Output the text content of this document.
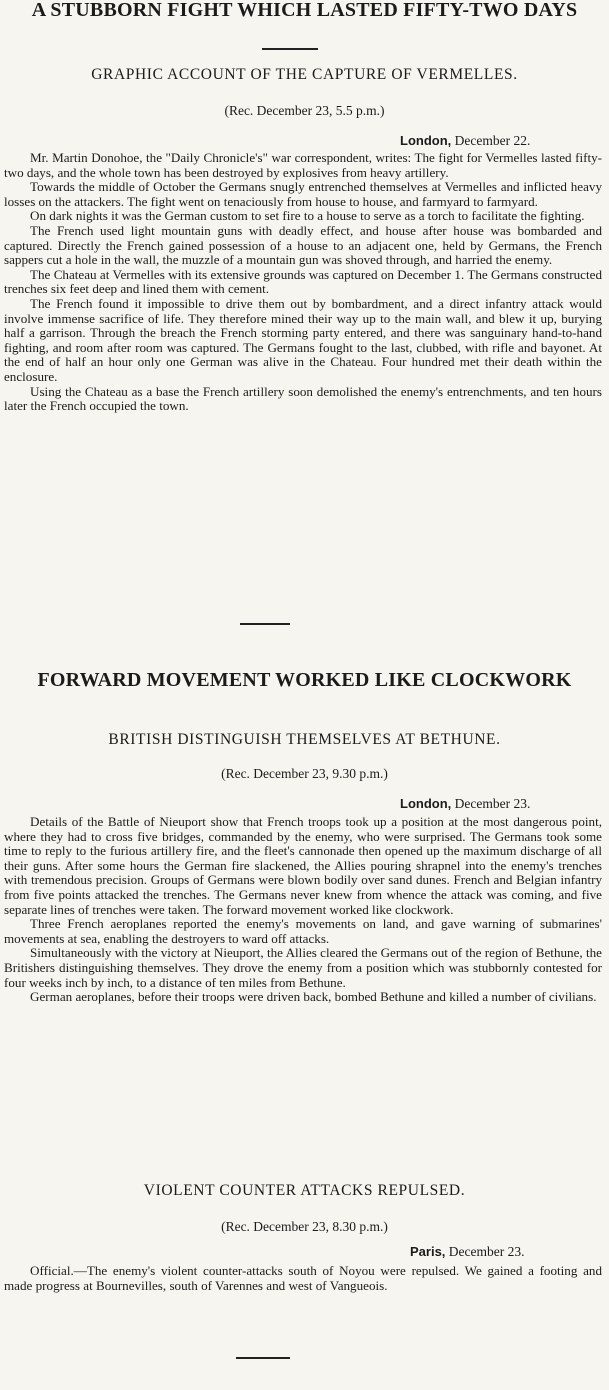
A STUBBORN FIGHT WHICH LASTED FIFTY-TWO DAYS
GRAPHIC ACCOUNT OF THE CAPTURE OF VERMELLES.
(Rec. December 23, 5.5 p.m.)
London, December 22.

Mr. Martin Donohoe, the "Daily Chronicle's" war correspondent, writes: The fight for Vermelles lasted fifty-two days, and the whole town has been destroyed by explosives from heavy artillery.

Towards the middle of October the Germans snugly entrenched themselves at Vermelles and inflicted heavy losses on the attackers. The fight went on tenaciously from house to house, and farmyard to farmyard.

On dark nights it was the German custom to set fire to a house to serve as a torch to facilitate the fighting.

The French used light mountain guns with deadly effect, and house after house was bombarded and captured. Directly the French gained possession of a house to an adjacent one, held by Germans, the French sappers cut a hole in the wall, the muzzle of a mountain gun was shoved through, and harried the enemy.

The Chateau at Vermelles with its extensive grounds was captured on December 1. The Germans constructed trenches six feet deep and lined them with cement.

The French found it impossible to drive them out by bombardment, and a direct infantry attack would involve immense sacrifice of life. They therefore mined their way up to the main wall, and blew it up, burying half a garrison. Through the breach the French storming party entered, and there was sanguinary hand-to-hand fighting, and room after room was captured. The Germans fought to the last, clubbed, with rifle and bayonet. At the end of half an hour only one German was alive in the Chateau. Four hundred met their death within the enclosure.

Using the Chateau as a base the French artillery soon demolished the enemy's entrenchments, and ten hours later the French occupied the town.

FORWARD MOVEMENT WORKED LIKE CLOCKWORK
BRITISH DISTINGUISH THEMSELVES AT BETHUNE.
(Rec. December 23, 9.30 p.m.)
London, December 23.

Details of the Battle of Nieuport show that French troops took up a position at the most dangerous point, where they had to cross five bridges, commanded by the enemy, who were surprised. The Germans took some time to reply to the furious artillery fire, and the fleet's cannonade then opened up the maximum discharge of all their guns. After some hours the German fire slackened, the Allies pouring shrapnel into the enemy's trenches with tremendous precision. Groups of Germans were blown bodily over sand dunes. French and Belgian infantry from five points attacked the trenches. The Germans never knew from whence the attack was coming, and five separate lines of trenches were taken. The forward movement worked like clockwork.

Three French aeroplanes reported the enemy's movements on land, and gave warning of submarines' movements at sea, enabling the destroyers to ward off attacks.

Simultaneously with the victory at Nieuport, the Allies cleared the Germans out of the region of Bethune, the Britishers distinguishing themselves. They drove the enemy from a position which was stubbornly contested for four weeks inch by inch, to a distance of ten miles from Bethune.

German aeroplanes, before their troops were driven back, bombed Bethune and killed a number of civilians.

VIOLENT COUNTER ATTACKS REPULSED.
(Rec. December 23, 8.30 p.m.)
Paris, December 23.

Official.—The enemy's violent counter-attacks south of Noyou were repulsed. We gained a footing and made progress at Bournevilles, south of Varennes and west of Vangueois.
